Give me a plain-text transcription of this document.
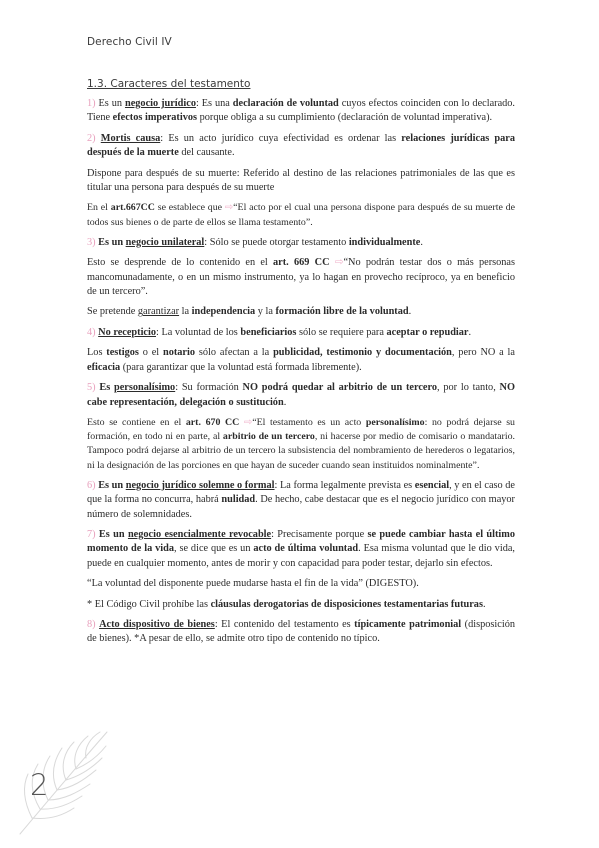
Derecho Civil IV
1.3. Caracteres del testamento

1) Es un negocio jurídico: Es una declaración de voluntad cuyos efectos coinciden con lo declarado. Tiene efectos imperativos porque obliga a su cumplimiento (declaración de voluntad imperativa).

2) Mortis causa: Es un acto jurídico cuya efectividad es ordenar las relaciones jurídicas para después de la muerte del causante.

Dispone para después de su muerte: Referido al destino de las relaciones patrimoniales de las que es titular una persona para después de su muerte

En el art.667CC se establece que ⇨“El acto por el cual una persona dispone para después de su muerte de todos sus bienes o de parte de ellos se llama testamento”.

3) Es un negocio unilateral: Sólo se puede otorgar testamento individualmente.

Esto se desprende de lo contenido en el art. 669 CC ⇨“No podrán testar dos o más personas mancomunadamente, o en un mismo instrumento, ya lo hagan en provecho recíproco, ya en beneficio de un tercero”.

Se pretende garantizar la independencia y la formación libre de la voluntad.

4) No recepticio: La voluntad de los beneficiarios sólo se requiere para aceptar o repudiar.

Los testigos o el notario sólo afectan a la publicidad, testimonio y documentación, pero NO a la eficacia (para garantizar que la voluntad está formada libremente).

5) Es personalísimo: Su formación NO podrá quedar al arbitrio de un tercero, por lo tanto, NO cabe representación, delegación o sustitución.

Esto se contiene en el art. 670 CC ⇨“El testamento es un acto personalísimo: no podrá dejarse su formación, en todo ni en parte, al arbitrio de un tercero, ni hacerse por medio de comisario o mandatario. Tampoco podrá dejarse al arbitrio de un tercero la subsistencia del nombramiento de herederos o legatarios, ni la designación de las porciones en que hayan de suceder cuando sean instituidos nominalmente”.

6) Es un negocio jurídico solemne o formal: La forma legalmente prevista es esencial, y en el caso de que la forma no concurra, habrá nulidad. De hecho, cabe destacar que es el negocio jurídico con mayor número de solemnidades.

7) Es un negocio esencialmente revocable: Precisamente porque se puede cambiar hasta el último momento de la vida, se dice que es un acto de última voluntad. Esa misma voluntad que le dio vida, puede en cualquier momento, antes de morir y con capacidad para poder testar, dejarlo sin efectos.

“La voluntad del disponente puede mudarse hasta el fin de la vida” (DIGESTO).

* El Código Civil prohíbe las cláusulas derogatorias de disposiciones testamentarias futuras.

8) Acto dispositivo de bienes: El contenido del testamento es típicamente patrimonial (disposición de bienes). *A pesar de ello, se admite otro tipo de contenido no típico.

2
